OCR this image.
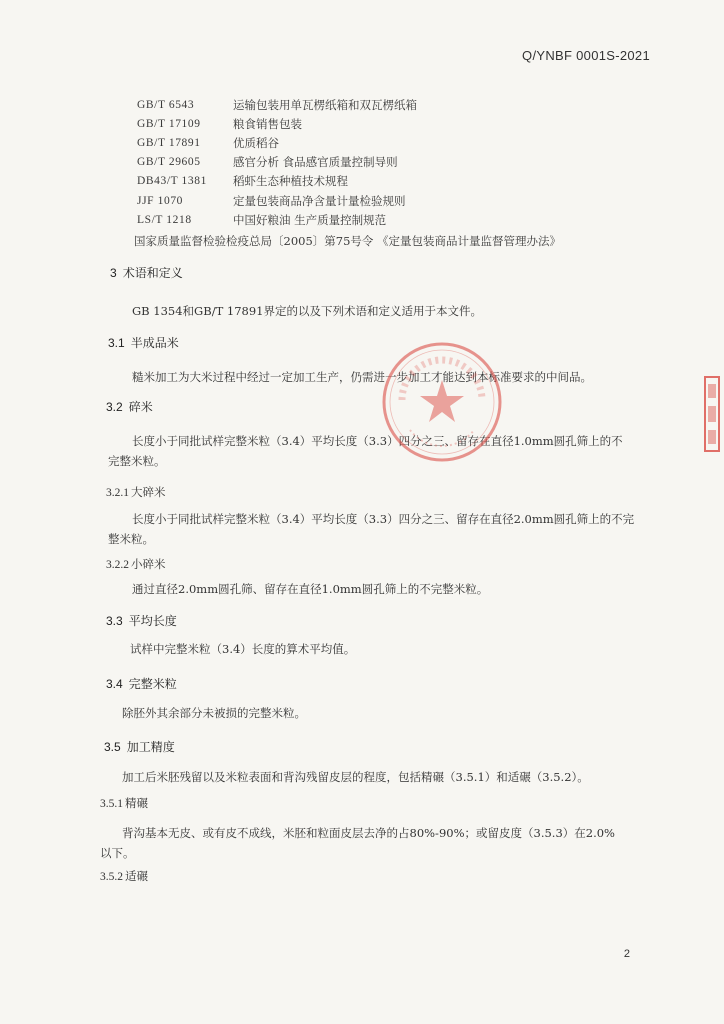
Q/YNBF 0001S-2021
GB/T 6543	运输包装用单瓦楞纸箱和双瓦楞纸箱
GB/T 17109	粮食销售包装
GB/T 17891	优质稻谷
GB/T 29605	感官分析 食品感官质量控制导则
DB43/T 1381	稻虾生态种植技术规程
JJF 1070	定量包装商品净含量计量检验规则
LS/T 1218	中国好粮油 生产质量控制规范
国家质量监督检验检疫总局〔2005〕第75号令 《定量包装商品计量监督管理办法》
3 术语和定义
GB 1354和GB/T 17891界定的以及下列术语和定义适用于本文件。
3.1 半成品米
糙米加工为大米过程中经过一定加工生产，仍需进一步加工才能达到本标准要求的中间品。
3.2 碎米
长度小于同批试样完整米粒（3.4）平均长度（3.3）四分之三、留存在直径1.0mm圆孔筛上的不
完整米粒。
3.2.1 大碎米
长度小于同批试样完整米粒（3.4）平均长度（3.3）四分之三、留存在直径2.0mm圆孔筛上的不完
整米粒。
3.2.2 小碎米
通过直径2.0mm圆孔筛、留存在直径1.0mm圆孔筛上的不完整米粒。
3.3 平均长度
试样中完整米粒（3.4）长度的算术平均值。
3.4 完整米粒
除胚外其余部分未被损的完整米粒。
3.5 加工精度
加工后米胚残留以及米粒表面和背沟残留皮层的程度，包括精碾（3.5.1）和适碾（3.5.2）。
3.5.1 精碾
背沟基本无皮、或有皮不成线，米胚和粒面皮层去净的占80%-90%；或留皮度（3.5.3）在2.0%
以下。
3.5.2 适碾
2
